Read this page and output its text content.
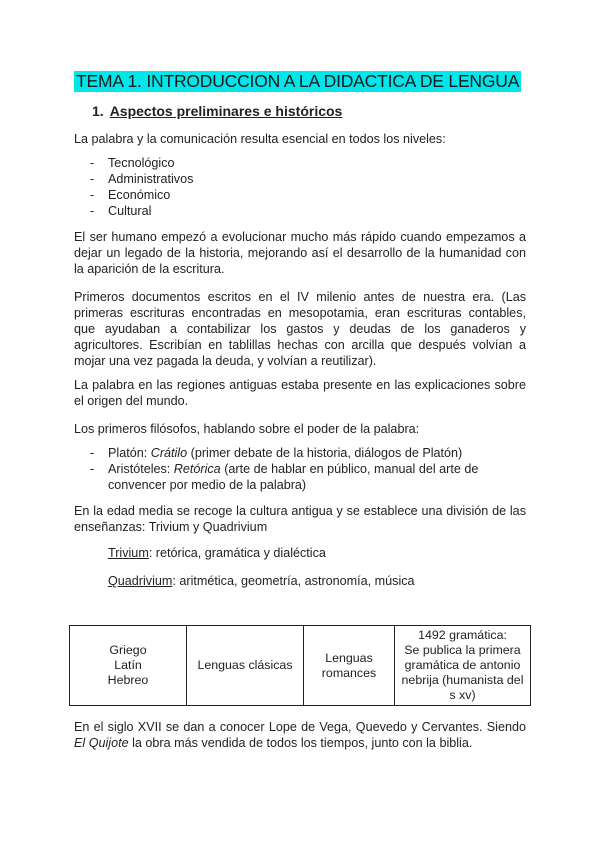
TEMA 1. INTRODUCCION A LA DIDACTICA DE LENGUA
1. Aspectos preliminares e históricos
La palabra y la comunicación resulta esencial en todos los niveles:
- Tecnológico
- Administrativos
- Económico
- Cultural
El ser humano empezó a evolucionar mucho más rápido cuando empezamos a dejar un legado de la historia, mejorando así el desarrollo de la humanidad con la aparición de la escritura.
Primeros documentos escritos en el IV milenio antes de nuestra era. (Las primeras escrituras encontradas en mesopotamia, eran escrituras contables, que ayudaban a contabilizar los gastos y deudas de los ganaderos y agricultores. Escribían en tablillas hechas con arcilla que después volvían a mojar una vez pagada la deuda, y volvían a reutilizar).
La palabra en las regiones antiguas estaba presente en las explicaciones sobre el origen del mundo.
Los primeros filósofos, hablando sobre el poder de la palabra:
- Platón: Crátilo (primer debate de la historia, diálogos de Platón)
- Aristóteles: Retórica (arte de hablar en público, manual del arte de convencer por medio de la palabra)
En la edad media se recoge la cultura antigua y se establece una división de las enseñanzas: Trivium y Quadrivium
Trivium: retórica, gramática y dialéctica
Quadrivium: aritmética, geometría, astronomía, música
Griego
Latín
Hebreo

Lenguas clásicas

Lenguas
romances

1492 gramática:
Se publica la primera
gramática de antonio
nebrija (humanista del s xv)
En el siglo XVII se dan a conocer Lope de Vega, Quevedo y Cervantes. Siendo El Quijote la obra más vendida de todos los tiempos, junto con la biblia.
